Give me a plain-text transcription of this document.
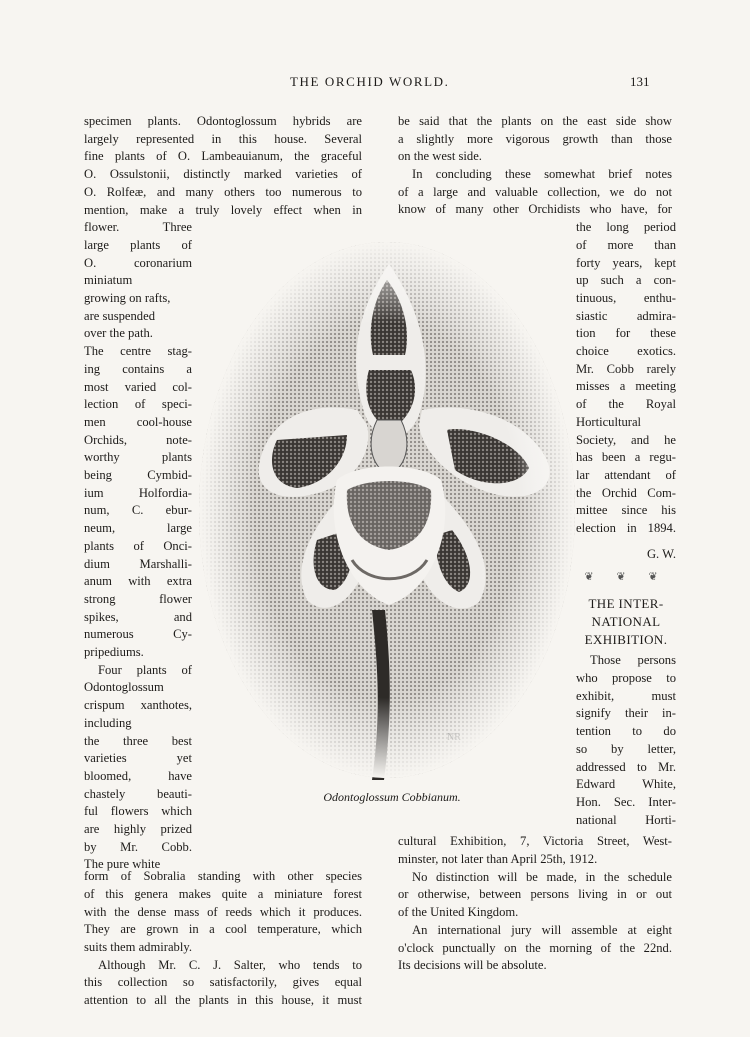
THE ORCHID WORLD.	131
specimen plants. Odontoglossum hybrids are
largely represented in this house. Several
fine plants of O. Lambeauianum, the graceful
O. Ossulstonii, distinctly marked varieties of
O. Rolfeæ, and many others too numerous to
mention, make a truly lovely effect when in
flower. Three
large plants of
O. coronarium
miniatum
growing on rafts,
are suspended
over the path.
The centre stag-
ing contains a
most varied col-
lection of speci-
men cool-house
Orchids, note-
worthy plants
being Cymbid-
ium Holfordia-
num, C. ebur-
neum, large
plants of Onci-
dium Marshalli-
anum with extra
strong flower
spikes, and
numerous Cy-
pripediums.
Four plants of
Odontoglossum
crispum xanthotes,
including
the three best
varieties yet
bloomed, have
chastely beauti-
ful flowers which
are highly prized
by Mr. Cobb.
The pure white
form of Sobralia standing with other species
of this genera makes quite a miniature forest
with the dense mass of reeds which it produces.
They are grown in a cool temperature, which
suits them admirably.
Although Mr. C. J. Salter, who tends to
this collection so satisfactorily, gives equal
attention to all the plants in this house, it must
be said that the plants on the east side show
a slightly more vigorous growth than those
on the west side.
In concluding these somewhat brief notes
of a large and valuable collection, we do not
know of many other Orchidists who have, for
the long period
of more than
forty years, kept
up such a con-
tinuous, enthu-
siastic admira-
tion for these
choice exotics.
Mr. Cobb rarely
misses a meeting
of the Royal
Horticultural
Society, and he
has been a regu-
lar attendant of
the Orchid Com-
mittee since his
election in 1894.
G. W.
❦ ❦ ❦
THE INTER-
NATIONAL
EXHIBITION.
Those persons
who propose to
exhibit, must
signify their in-
tention to do
so by letter,
addressed to Mr.
Edward White,
Hon. Sec. Inter-
national Horti-
cultural Exhibition, 7, Victoria Street, West-
minster, not later than April 25th, 1912.
No distinction will be made, in the schedule
or otherwise, between persons living in or out
of the United Kingdom.
An international jury will assemble at eight
o'clock punctually on the morning of the 22nd.
Its decisions will be absolute.
Odontoglossum Cobbianum.
